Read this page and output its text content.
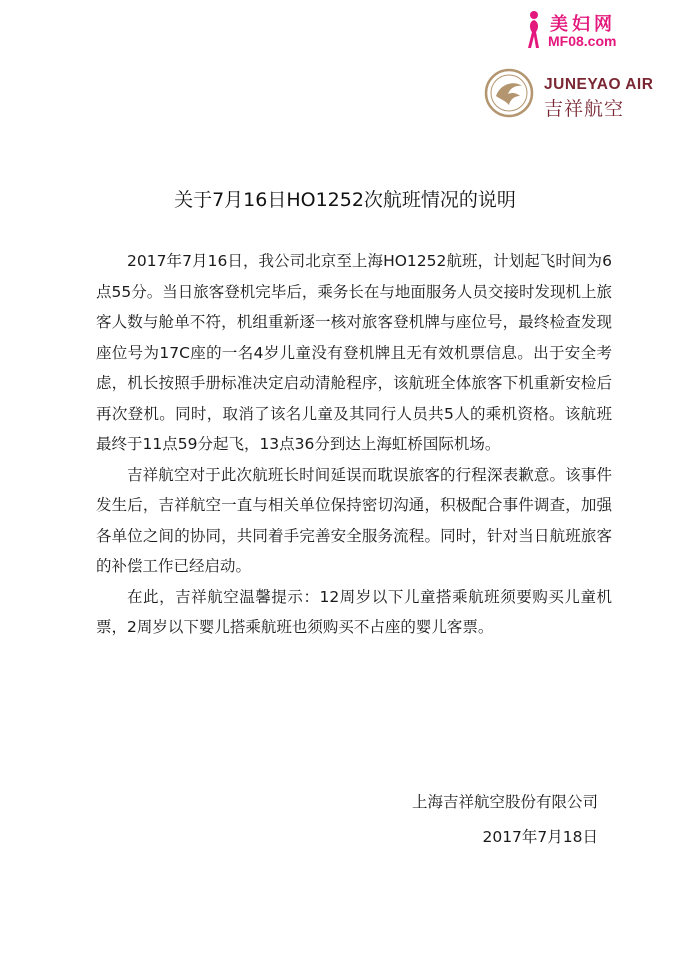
美妇网
MF08.com
JUNEYAO AIR
吉祥航空
关于7月16日HO1252次航班情况的说明

2017年7月16日，我公司北京至上海HO1252航班，计划起飞时间为6点55分。当日旅客登机完毕后，乘务长在与地面服务人员交接时发现机上旅客人数与舱单不符，机组重新逐一核对旅客登机牌与座位号，最终检查发现座位号为17C座的一名4岁儿童没有登机牌且无有效机票信息。出于安全考虑，机长按照手册标准决定启动清舱程序，该航班全体旅客下机重新安检后再次登机。同时，取消了该名儿童及其同行人员共5人的乘机资格。该航班最终于11点59分起飞，13点36分到达上海虹桥国际机场。

吉祥航空对于此次航班长时间延误而耽误旅客的行程深表歉意。该事件发生后，吉祥航空一直与相关单位保持密切沟通，积极配合事件调查，加强各单位之间的协同，共同着手完善安全服务流程。同时，针对当日航班旅客的补偿工作已经启动。

在此，吉祥航空温馨提示：12周岁以下儿童搭乘航班须要购买儿童机票，2周岁以下婴儿搭乘航班也须购买不占座的婴儿客票。

上海吉祥航空股份有限公司
2017年7月18日
